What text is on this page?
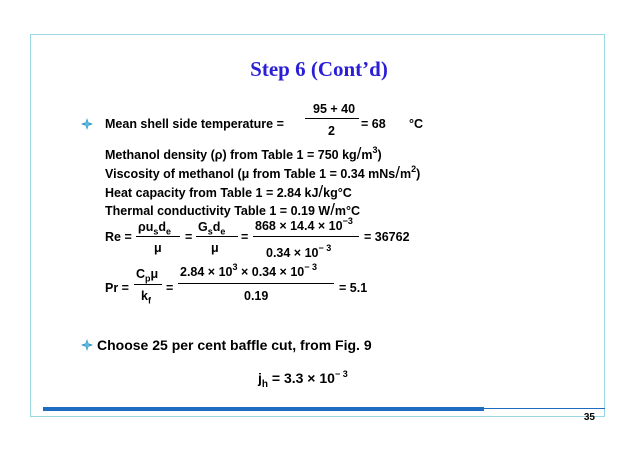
Step 6 (Cont’d)
Mean shell side temperature =
95 + 40
2 = 68 °C
Methanol density (ρ) from Table 1 = 750 $kg/m^3$)
Viscosity of methanol (μ from Table 1 = 0.34 mNs/$m^2$)
Heat capacity from Table 1 = 2.84 kJ/kg°C
Thermal conductivity Table 1 = 0.19 W/m°C
Re =
$\rho u_sd_e$
μ
=
$G_sd_e$
μ
=
$868 \times 14.4 \times 10^{-3}$
$0.34 \times 10^{- 3}$
= 36762
Pr =
$C_p\mu$
$k_f$
=
$2.84 \times 10^3 \times 0.34 \times 10^{- 3}$
0.19
= 5.1
Choose 25 per cent baffle cut, from Fig. 9
$j_h = 3.3 \times 10^{- 3}$
35
